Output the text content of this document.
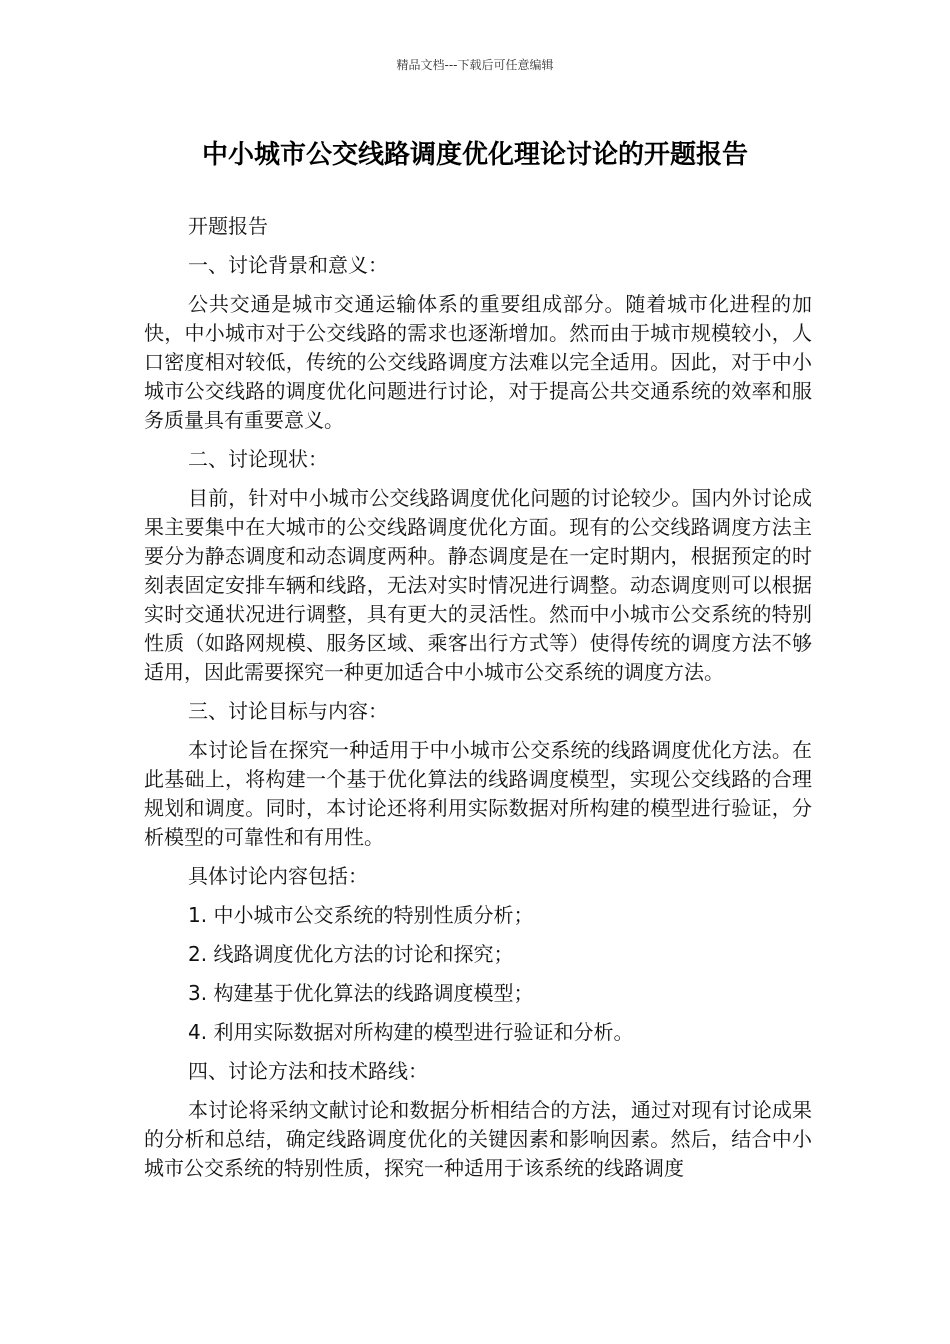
精品文档---下载后可任意编辑
中小城市公交线路调度优化理论讨论的开题报告

开题报告

一、讨论背景和意义：

公共交通是城市交通运输体系的重要组成部分。随着城市化进程的加快，中小城市对于公交线路的需求也逐渐增加。然而由于城市规模较小，人口密度相对较低，传统的公交线路调度方法难以完全适用。因此，对于中小城市公交线路的调度优化问题进行讨论，对于提高公共交通系统的效率和服务质量具有重要意义。

二、讨论现状：

目前，针对中小城市公交线路调度优化问题的讨论较少。国内外讨论成果主要集中在大城市的公交线路调度优化方面。现有的公交线路调度方法主要分为静态调度和动态调度两种。静态调度是在一定时期内，根据预定的时刻表固定安排车辆和线路，无法对实时情况进行调整。动态调度则可以根据实时交通状况进行调整，具有更大的灵活性。然而中小城市公交系统的特别性质（如路网规模、服务区域、乘客出行方式等）使得传统的调度方法不够适用，因此需要探究一种更加适合中小城市公交系统的调度方法。

三、讨论目标与内容：

本讨论旨在探究一种适用于中小城市公交系统的线路调度优化方法。在此基础上，将构建一个基于优化算法的线路调度模型，实现公交线路的合理规划和调度。同时，本讨论还将利用实际数据对所构建的模型进行验证，分析模型的可靠性和有用性。

具体讨论内容包括：

1. 中小城市公交系统的特别性质分析；

2. 线路调度优化方法的讨论和探究；

3. 构建基于优化算法的线路调度模型；

4. 利用实际数据对所构建的模型进行验证和分析。

四、讨论方法和技术路线：

本讨论将采纳文献讨论和数据分析相结合的方法，通过对现有讨论成果的分析和总结，确定线路调度优化的关键因素和影响因素。然后，结合中小城市公交系统的特别性质，探究一种适用于该系统的线路调度
